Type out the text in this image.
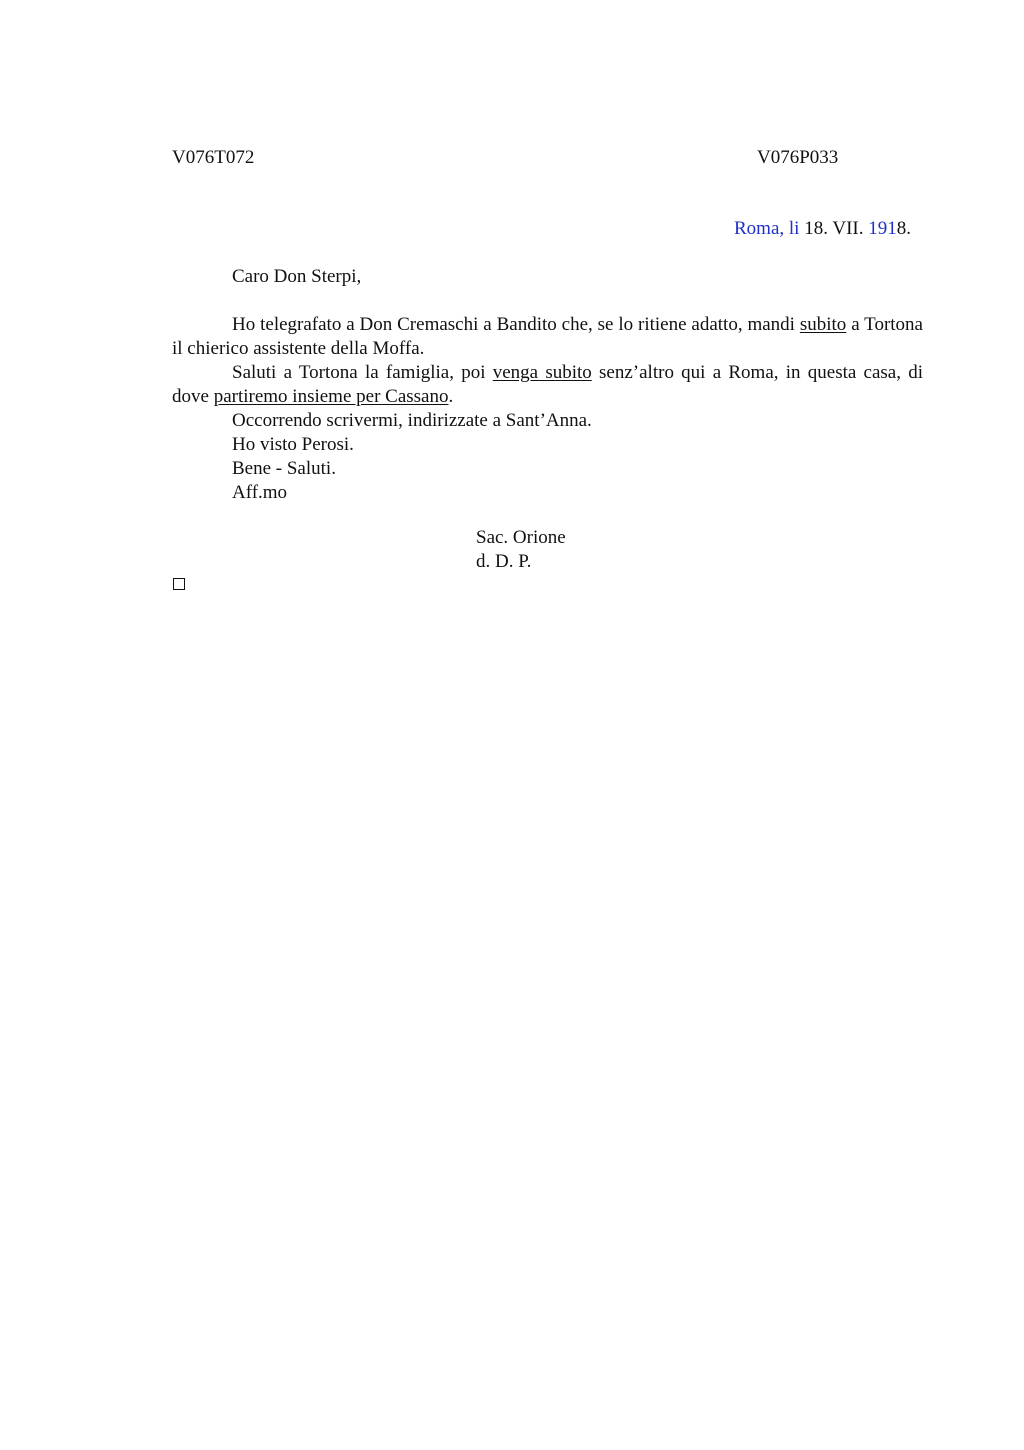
V076T072	V076P033
Roma, li 18. VII. 1918.
Caro Don Sterpi,

Ho telegrafato a Don Cremaschi a Bandito che, se lo ritiene adatto, mandi subito a Tortona il chierico assistente della Moffa.

Saluti a Tortona la famiglia, poi venga subito senz’altro qui a Roma, in questa casa, di dove partiremo insieme per Cassano.

Occorrendo scrivermi, indirizzate a Sant’Anna.

Ho visto Perosi.

Bene - Saluti.

Aff.mo

Sac. Orione
d. D. P.
